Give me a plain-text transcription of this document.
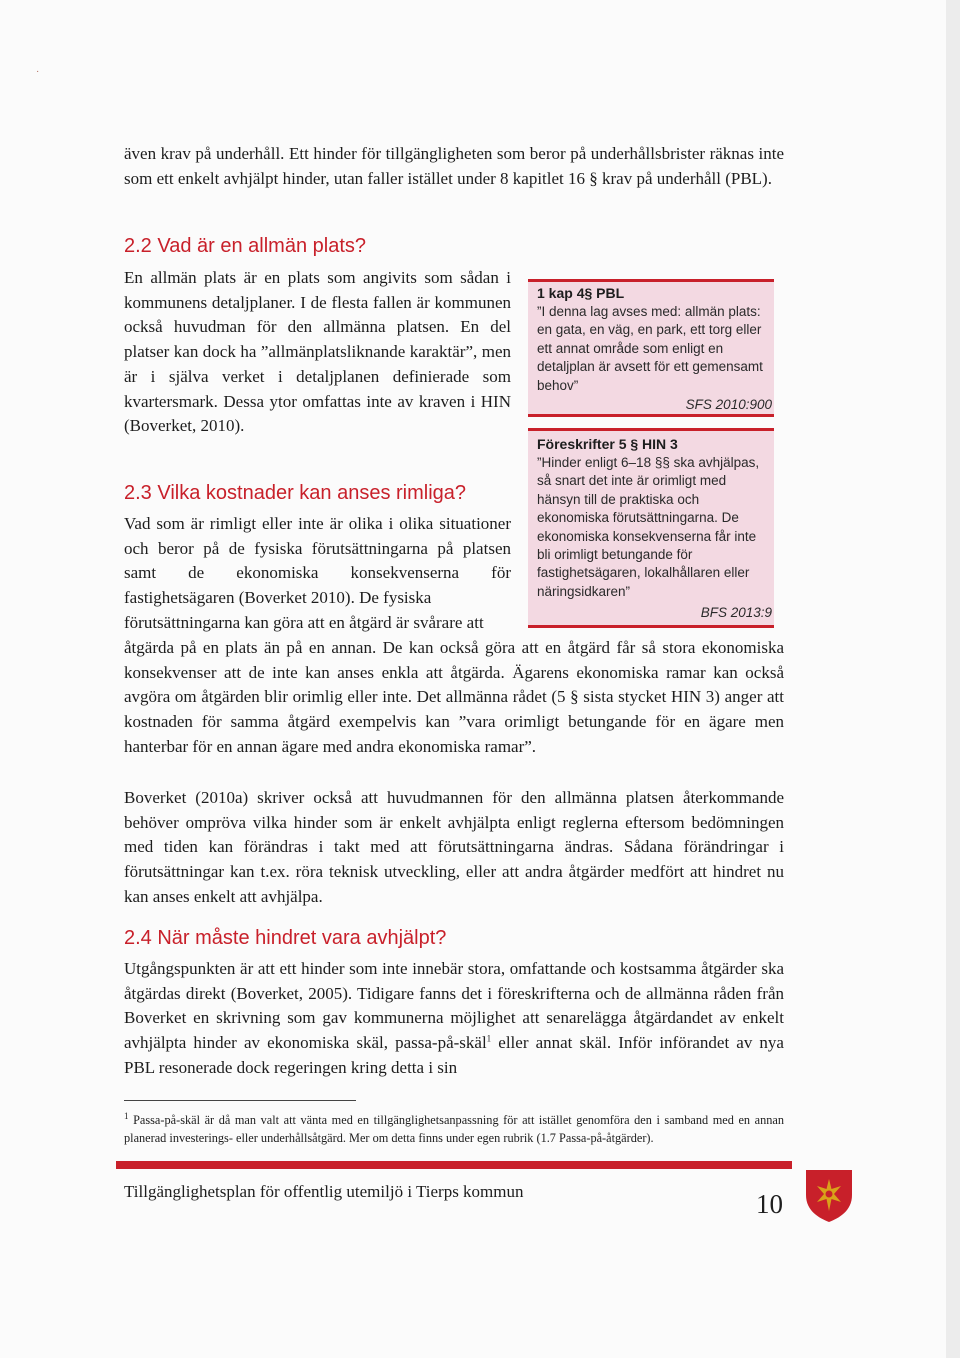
·

även krav på underhåll. Ett hinder för tillgängligheten som beror på underhållsbrister räknas inte som ett enkelt avhjälpt hinder, utan faller istället under 8 kapitlet 16 § krav på underhåll (PBL).

2.2 Vad är en allmän plats?

En allmän plats är en plats som angivits som sådan i kommunens detaljplaner. I de flesta fallen är kommunen också huvudman för den allmänna platsen. En del platser kan dock ha ”allmänplatsliknande karaktär”, men är i själva verket i detaljplanen definierade som kvartersmark. Dessa ytor omfattas inte av kraven i HIN (Boverket, 2010).

2.3 Vilka kostnader kan anses rimliga?

Vad som är rimligt eller inte är olika i olika situationer och beror på de fysiska förutsättningarna på platsen samt de ekonomiska konsekvenserna för fastighetsägaren (Boverket 2010). De fysiska

förutsättningarna kan göra att en åtgärd är svårare att

åtgärda på en plats än på en annan. De kan också göra att en åtgärd får så stora ekonomiska konsekvenser att de inte kan anses enkla att åtgärda. Ägarens ekonomiska ramar kan också avgöra om åtgärden blir orimlig eller inte. Det allmänna rådet (5 § sista stycket HIN 3) anger att kostnaden för samma åtgärd exempelvis kan ”vara orimligt betungande för en ägare men hanterbar för en annan ägare med andra ekonomiska ramar”.

Boverket (2010a) skriver också att huvudmannen för den allmänna platsen återkommande behöver ompröva vilka hinder som är enkelt avhjälpta enligt reglerna eftersom bedömningen med tiden kan förändras i takt med att förutsättningarna ändras. Sådana förändringar i förutsättningar kan t.ex. röra teknisk utveckling, eller att andra åtgärder medfört att hindret nu kan anses enkelt att avhjälpa.

2.4 När måste hindret vara avhjälpt?

Utgångspunkten är att ett hinder som inte innebär stora, omfattande och kostsamma åtgärder ska åtgärdas direkt (Boverket, 2005). Tidigare fanns det i föreskrifterna och de allmänna råden från Boverket en skrivning som gav kommunerna möjlighet att senarelägga åtgärdandet av enkelt avhjälpta hinder av ekonomiska skäl, passa-på-skäl$^1$ eller annat skäl. Inför införandet av nya PBL resonerade dock regeringen kring detta i sin

1 kap 4§ PBL

”I denna lag avses med: allmän plats: en gata, en väg, en park, ett torg eller ett annat område som enligt en detaljplan är avsett för ett gemensamt behov”

SFS 2010:900
Föreskrifter 5 § HIN 3

”Hinder enligt 6–18 §§ ska avhjälpas, så snart det inte är orimligt med hänsyn till de praktiska och ekonomiska förutsättningarna. De ekonomiska konsekvenserna får inte bli orimligt betungande för fastighetsägaren, lokalhållaren eller näringsidkaren”

BFS 2013:9

$^1$ Passa-på-skäl är då man valt att vänta med en tillgänglighetsanpassning för att istället genomföra den i samband med en annan planerad investerings- eller underhållsåtgärd. Mer om detta finns under egen rubrik (1.7 Passa-på-åtgärder).

Tillgänglighetsplan för offentlig utemiljö i Tierps kommun	10
